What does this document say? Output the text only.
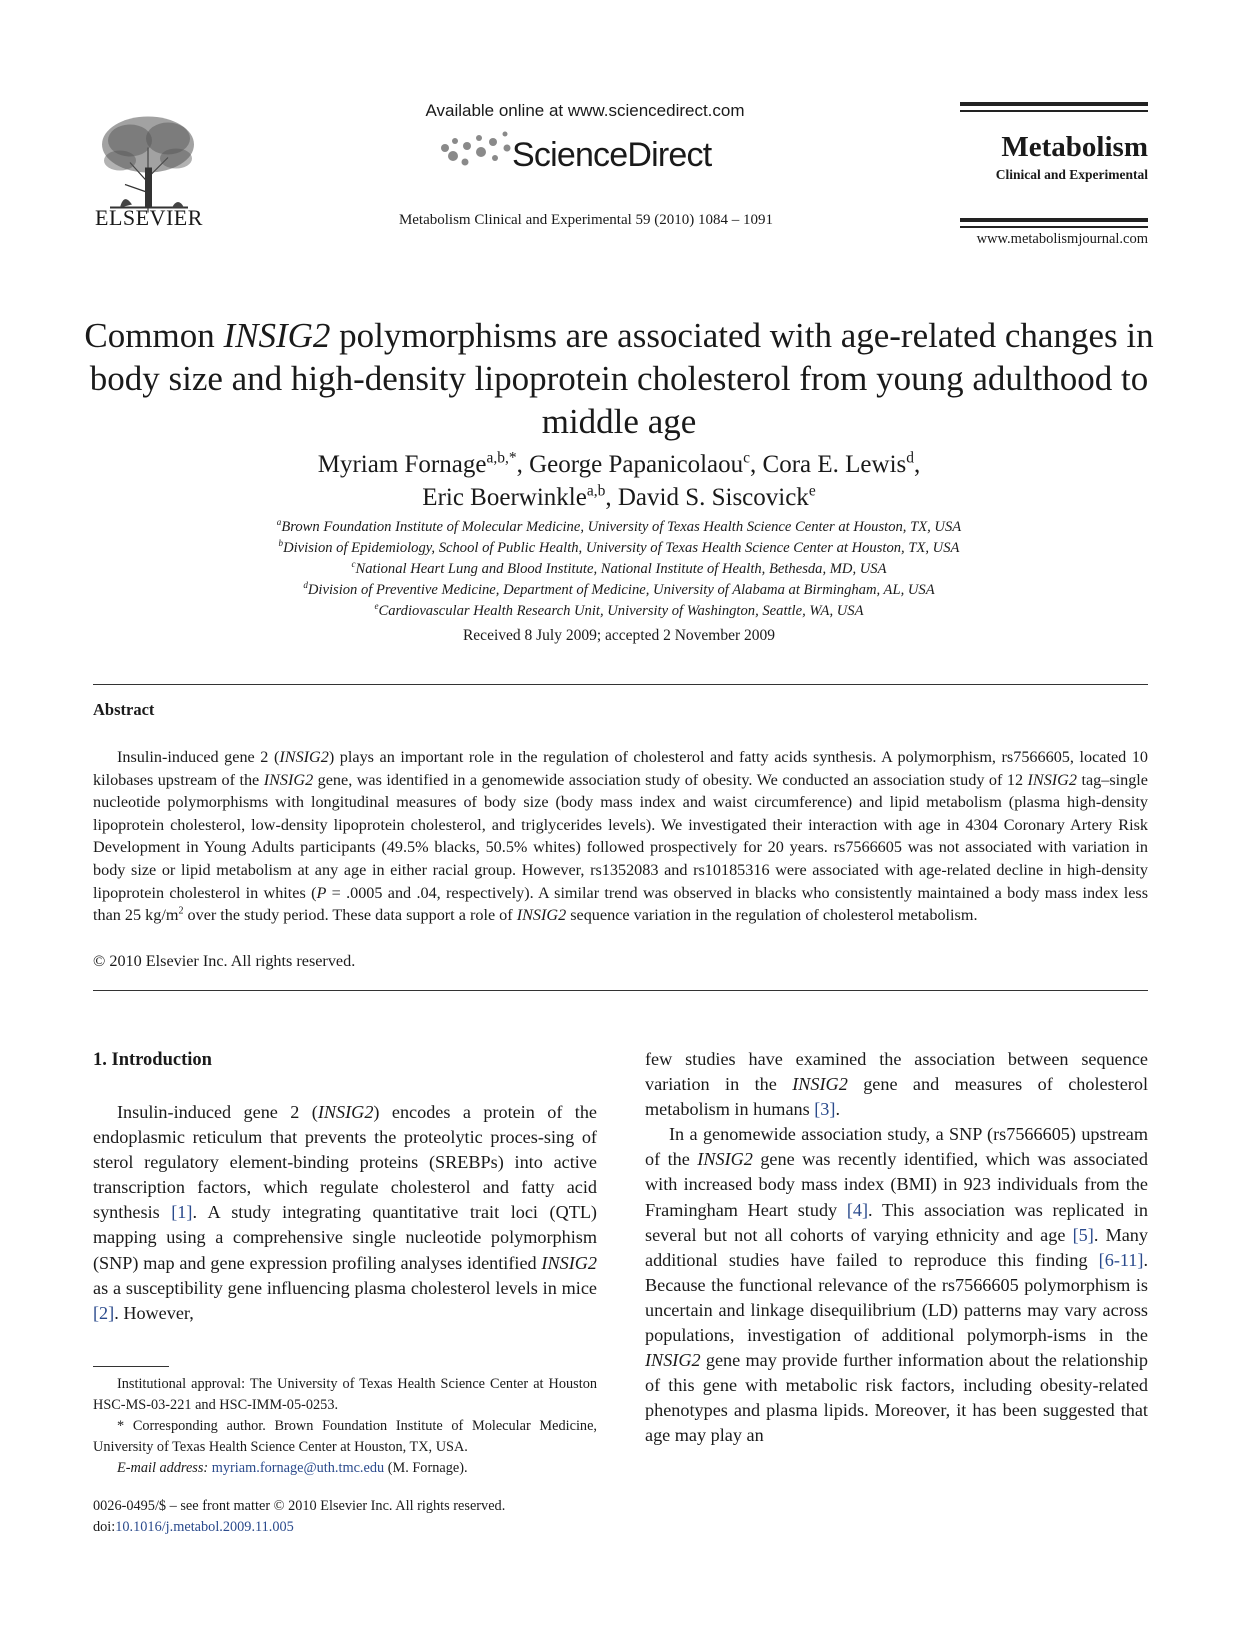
ELSEVIER
Available online at www.sciencedirect.com
ScienceDirect
Metabolism Clinical and Experimental 59 (2010) 1084 – 1091
Metabolism
Clinical and Experimental
www.metabolismjournal.com
Common INSIG2 polymorphisms are associated with age-related changes in body size and high-density lipoprotein cholesterol from young adulthood to middle age
Myriam Fornage$^{a,b,*}$, George Papanicolaou$^c$, Cora E. Lewis$^d$,
Eric Boerwinkle$^{a,b}$, David S. Siscovick$^e$
$^a$Brown Foundation Institute of Molecular Medicine, University of Texas Health Science Center at Houston, TX, USA
$^b$Division of Epidemiology, School of Public Health, University of Texas Health Science Center at Houston, TX, USA
$^c$National Heart Lung and Blood Institute, National Institute of Health, Bethesda, MD, USA
$^d$Division of Preventive Medicine, Department of Medicine, University of Alabama at Birmingham, AL, USA
$^e$Cardiovascular Health Research Unit, University of Washington, Seattle, WA, USA
Received 8 July 2009; accepted 2 November 2009
Abstract
Insulin-induced gene 2 (INSIG2) plays an important role in the regulation of cholesterol and fatty acids synthesis. A polymorphism, rs7566605, located 10 kilobases upstream of the INSIG2 gene, was identified in a genomewide association study of obesity. We conducted an association study of 12 INSIG2 tag–single nucleotide polymorphisms with longitudinal measures of body size (body mass index and waist circumference) and lipid metabolism (plasma high-density lipoprotein cholesterol, low-density lipoprotein cholesterol, and triglycerides levels). We investigated their interaction with age in 4304 Coronary Artery Risk Development in Young Adults participants (49.5% blacks, 50.5% whites) followed prospectively for 20 years. rs7566605 was not associated with variation in body size or lipid metabolism at any age in either racial group. However, rs1352083 and rs10185316 were associated with age-related decline in high-density lipoprotein cholesterol in whites (P = .0005 and .04, respectively). A similar trend was observed in blacks who consistently maintained a body mass index less than 25 $kg/m^2$ over the study period. These data support a role of INSIG2 sequence variation in the regulation of cholesterol metabolism.
© 2010 Elsevier Inc. All rights reserved.
1. Introduction
Insulin-induced gene 2 (INSIG2) encodes a protein of the endoplasmic reticulum that prevents the proteolytic proces-sing of sterol regulatory element-binding proteins (SREBPs) into active transcription factors, which regulate cholesterol and fatty acid synthesis [1]. A study integrating quantitative trait loci (QTL) mapping using a comprehensive single nucleotide polymorphism (SNP) map and gene expression profiling analyses identified INSIG2 as a susceptibility gene influencing plasma cholesterol levels in mice [2]. However,

few studies have examined the association between sequence variation in the INSIG2 gene and measures of cholesterol metabolism in humans [3].

In a genomewide association study, a SNP (rs7566605) upstream of the INSIG2 gene was recently identified, which was associated with increased body mass index (BMI) in 923 individuals from the Framingham Heart study [4]. This association was replicated in several but not all cohorts of varying ethnicity and age [5]. Many additional studies have failed to reproduce this finding [6-11]. Because the functional relevance of the rs7566605 polymorphism is uncertain and linkage disequilibrium (LD) patterns may vary across populations, investigation of additional polymorph-isms in the INSIG2 gene may provide further information about the relationship of this gene with metabolic risk factors, including obesity-related phenotypes and plasma lipids. Moreover, it has been suggested that age may play an

Institutional approval: The University of Texas Health Science Center at Houston HSC-MS-03-221 and HSC-IMM-05-0253.

* Corresponding author. Brown Foundation Institute of Molecular Medicine, University of Texas Health Science Center at Houston, TX, USA.

E-mail address: myriam.fornage@uth.tmc.edu (M. Fornage).

0026-0495/$ – see front matter © 2010 Elsevier Inc. All rights reserved.
doi:10.1016/j.metabol.2009.11.005
